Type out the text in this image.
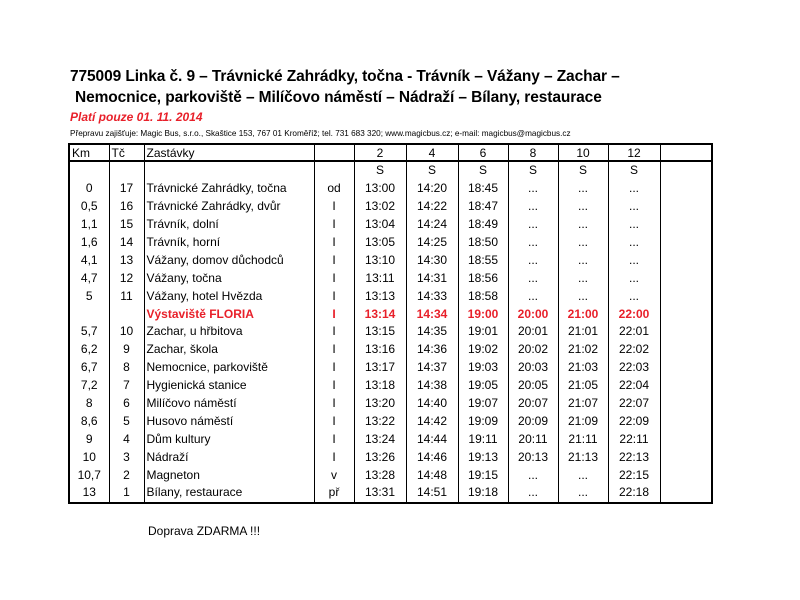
775009 Linka č. 9 – Trávnické Zahrádky, točna - Trávník – Vážany – Zachar –
Nemocnice, parkoviště – Milíčovo náměstí – Nádraží – Bílany, restaurace
Platí pouze 01. 11. 2014
Přepravu zajišťuje: Magic Bus, s.r.o., Skaštice 153, 767 01 Kroměříž; tel. 731 683 320; www.magicbus.cz; e-mail: magicbus@magicbus.cz
Km	Tč	Zastávky		2	4	6	8	10	12	
				S	S	S	S	S	S	
0	17	Trávnické Zahrádky, točna	od	13:00	14:20	18:45	...	...	...	
0,5	16	Trávnické Zahrádky, dvůr	I	13:02	14:22	18:47	...	...	...	
1,1	15	Trávník, dolní	I	13:04	14:24	18:49	...	...	...	
1,6	14	Trávník, horní	I	13:05	14:25	18:50	...	...	...	
4,1	13	Vážany, domov důchodců	I	13:10	14:30	18:55	...	...	...	
4,7	12	Vážany, točna	I	13:11	14:31	18:56	...	...	...	
5	11	Vážany, hotel Hvězda	I	13:13	14:33	18:58	...	...	...	
		Výstaviště FLORIA	I	13:14	14:34	19:00	20:00	21:00	22:00	
5,7	10	Zachar, u hřbitova	I	13:15	14:35	19:01	20:01	21:01	22:01	
6,2	9	Zachar, škola	I	13:16	14:36	19:02	20:02	21:02	22:02	
6,7	8	Nemocnice, parkoviště	I	13:17	14:37	19:03	20:03	21:03	22:03	
7,2	7	Hygienická stanice	I	13:18	14:38	19:05	20:05	21:05	22:04	
8	6	Milíčovo náměstí	I	13:20	14:40	19:07	20:07	21:07	22:07	
8,6	5	Husovo náměstí	I	13:22	14:42	19:09	20:09	21:09	22:09	
9	4	Dům kultury	I	13:24	14:44	19:11	20:11	21:11	22:11	
10	3	Nádraží	I	13:26	14:46	19:13	20:13	21:13	22:13	
10,7	2	Magneton	v	13:28	14:48	19:15	...	...	22:15	
13	1	Bílany, restaurace	př	13:31	14:51	19:18	...	...	22:18	
Doprava ZDARMA !!!
